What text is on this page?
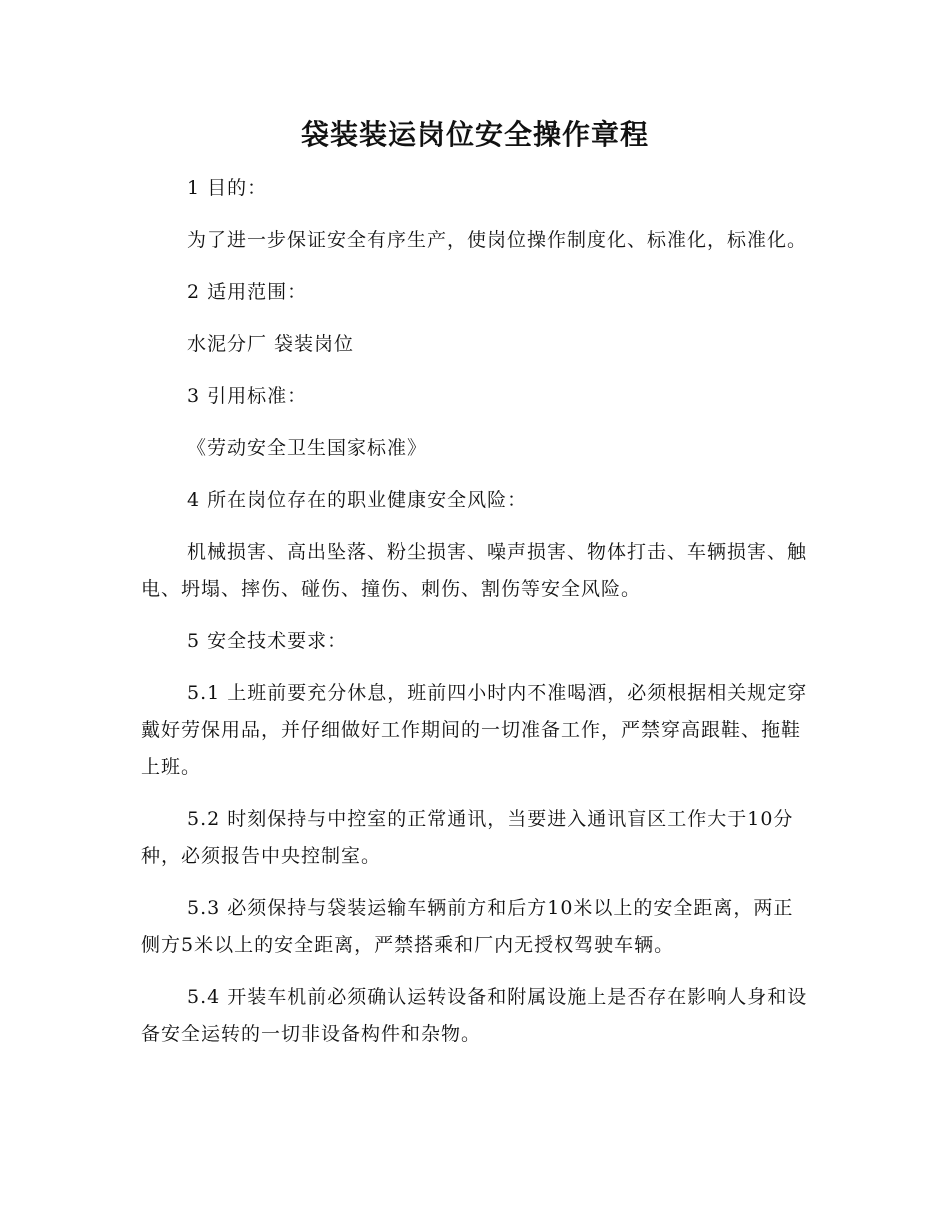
袋装装运岗位安全操作章程

1 目的：

为了进一步保证安全有序生产，使岗位操作制度化、标准化，标准化。

2 适用范围：

水泥分厂 袋装岗位

3 引用标准：

《劳动安全卫生国家标准》

4 所在岗位存在的职业健康安全风险：

机械损害、高出坠落、粉尘损害、噪声损害、物体打击、车辆损害、触电、坍塌、摔伤、碰伤、撞伤、刺伤、割伤等安全风险。

5 安全技术要求：

5.1 上班前要充分休息，班前四小时内不准喝酒，必须根据相关规定穿戴好劳保用品，并仔细做好工作期间的一切准备工作，严禁穿高跟鞋、拖鞋上班。

5.2 时刻保持与中控室的正常通讯，当要进入通讯盲区工作大于10分种，必须报告中央控制室。

5.3 必须保持与袋装运输车辆前方和后方10米以上的安全距离，两正侧方5米以上的安全距离，严禁搭乘和厂内无授权驾驶车辆。

5.4 开装车机前必须确认运转设备和附属设施上是否存在影响人身和设备安全运转的一切非设备构件和杂物。
